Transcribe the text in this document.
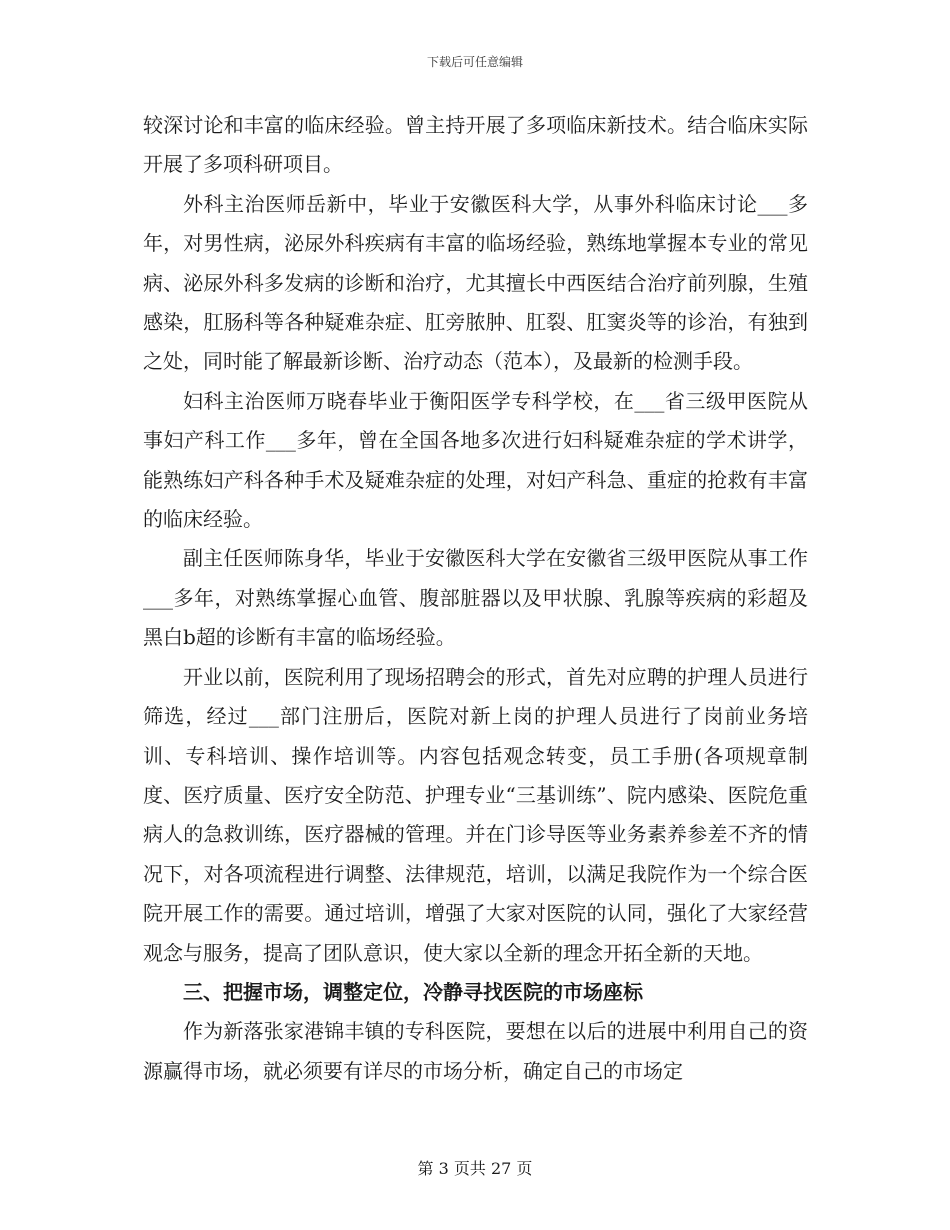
下载后可任意编辑

较深讨论和丰富的临床经验。曾主持开展了多项临床新技术。结合临床实际开展了多项科研项目。

外科主治医师岳新中，毕业于安徽医科大学，从事外科临床讨论___多年，对男性病，泌尿外科疾病有丰富的临场经验，熟练地掌握本专业的常见病、泌尿外科多发病的诊断和治疗，尤其擅长中西医结合治疗前列腺，生殖感染，肛肠科等各种疑难杂症、肛旁脓肿、肛裂、肛窦炎等的诊治，有独到之处，同时能了解最新诊断、治疗动态（范本），及最新的检测手段。

妇科主治医师万晓春毕业于衡阳医学专科学校，在___省三级甲医院从事妇产科工作___多年，曾在全国各地多次进行妇科疑难杂症的学术讲学，能熟练妇产科各种手术及疑难杂症的处理，对妇产科急、重症的抢救有丰富的临床经验。

副主任医师陈身华，毕业于安徽医科大学在安徽省三级甲医院从事工作___多年，对熟练掌握心血管、腹部脏器以及甲状腺、乳腺等疾病的彩超及黑白b超的诊断有丰富的临场经验。

开业以前，医院利用了现场招聘会的形式，首先对应聘的护理人员进行筛选，经过___部门注册后，医院对新上岗的护理人员进行了岗前业务培训、专科培训、操作培训等。内容包括观念转变，员工手册(各项规章制度、医疗质量、医疗安全防范、护理专业“三基训练”、院内感染、医院危重病人的急救训练，医疗器械的管理。并在门诊导医等业务素养参差不齐的情况下，对各项流程进行调整、法律规范，培训，以满足我院作为一个综合医院开展工作的需要。通过培训，增强了大家对医院的认同，强化了大家经营观念与服务，提高了团队意识，使大家以全新的理念开拓全新的天地。

三、把握市场，调整定位，冷静寻找医院的市场座标

作为新落张家港锦丰镇的专科医院，要想在以后的进展中利用自己的资源赢得市场，就必须要有详尽的市场分析，确定自己的市场定

第 3 页共 27 页
